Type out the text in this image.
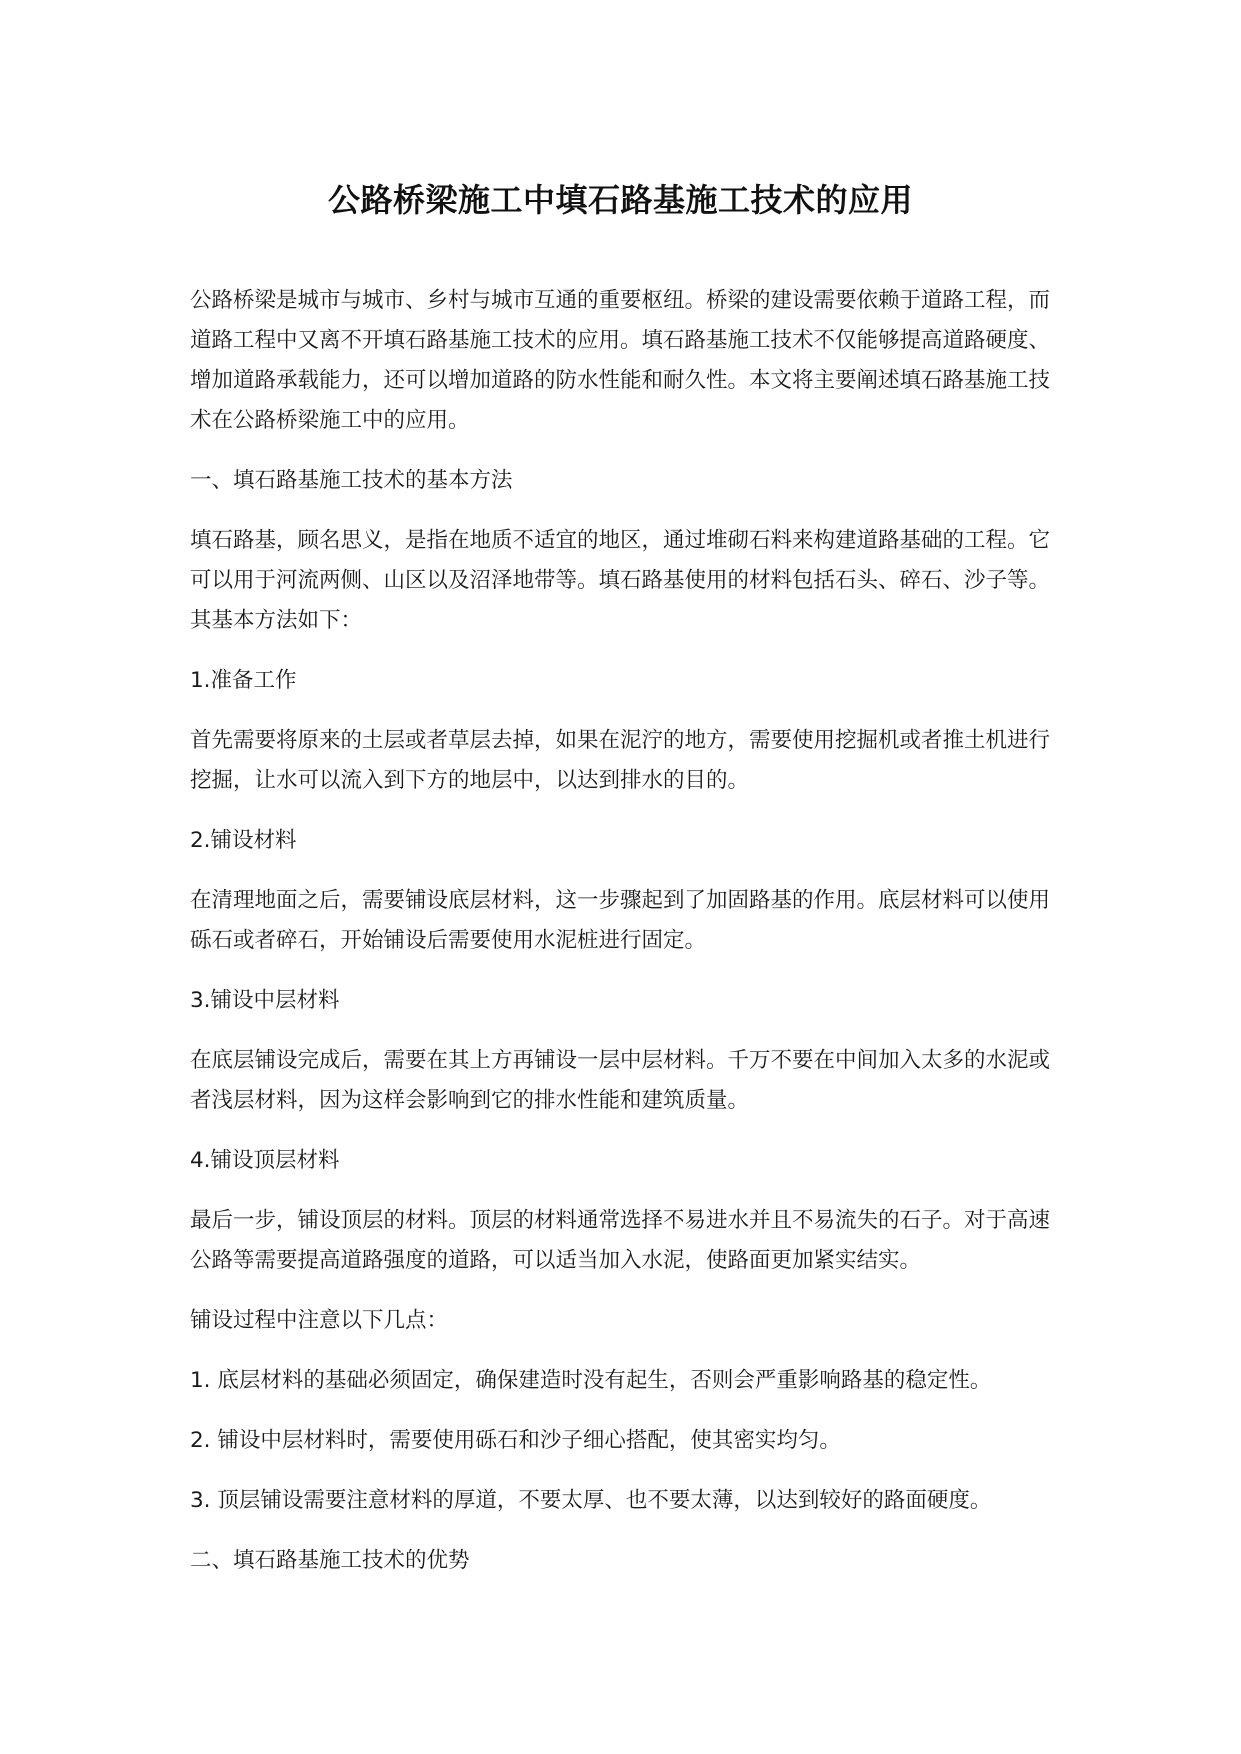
公路桥梁施工中填石路基施工技术的应用

公路桥梁是城市与城市、乡村与城市互通的重要枢纽。桥梁的建设需要依赖于道路工程，而道路工程中又离不开填石路基施工技术的应用。填石路基施工技术不仅能够提高道路硬度、增加道路承载能力，还可以增加道路的防水性能和耐久性。本文将主要阐述填石路基施工技术在公路桥梁施工中的应用。

一、填石路基施工技术的基本方法

填石路基，顾名思义，是指在地质不适宜的地区，通过堆砌石料来构建道路基础的工程。它可以用于河流两侧、山区以及沼泽地带等。填石路基使用的材料包括石头、碎石、沙子等。其基本方法如下：

1.准备工作

首先需要将原来的土层或者草层去掉，如果在泥泞的地方，需要使用挖掘机或者推土机进行挖掘，让水可以流入到下方的地层中，以达到排水的目的。

2.铺设材料

在清理地面之后，需要铺设底层材料，这一步骤起到了加固路基的作用。底层材料可以使用砾石或者碎石，开始铺设后需要使用水泥桩进行固定。

3.铺设中层材料

在底层铺设完成后，需要在其上方再铺设一层中层材料。千万不要在中间加入太多的水泥或者浅层材料，因为这样会影响到它的排水性能和建筑质量。

4.铺设顶层材料

最后一步，铺设顶层的材料。顶层的材料通常选择不易进水并且不易流失的石子。对于高速公路等需要提高道路强度的道路，可以适当加入水泥，使路面更加紧实结实。

铺设过程中注意以下几点：

1. 底层材料的基础必须固定，确保建造时没有起生，否则会严重影响路基的稳定性。

2. 铺设中层材料时，需要使用砾石和沙子细心搭配，使其密实均匀。

3. 顶层铺设需要注意材料的厚道，不要太厚、也不要太薄，以达到较好的路面硬度。

二、填石路基施工技术的优势
